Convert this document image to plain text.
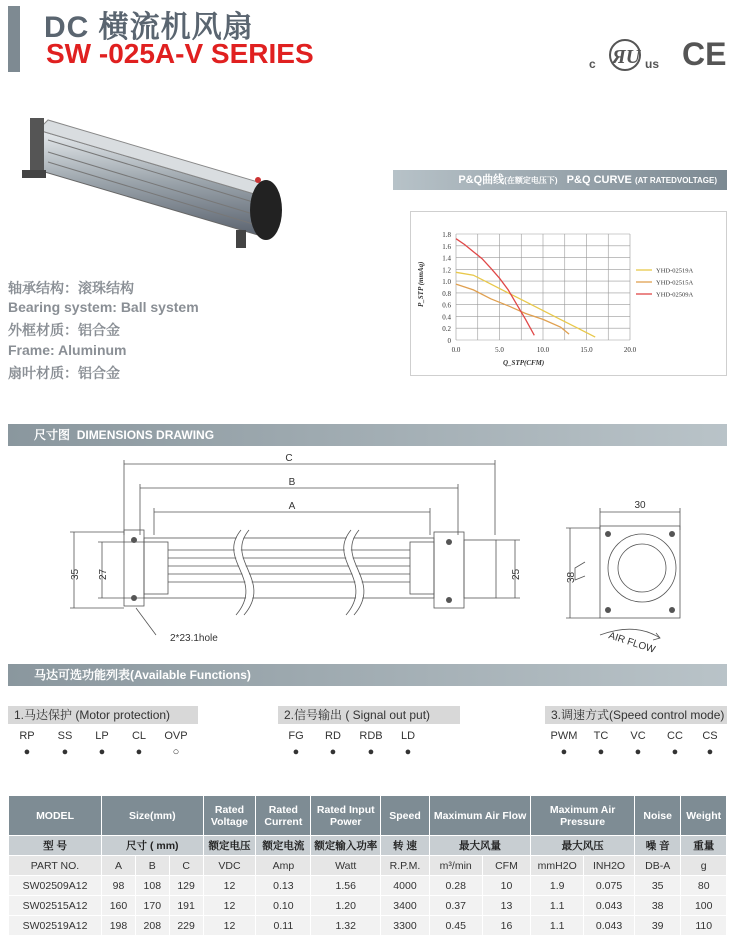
DC 横流机风扇
SW -025A-V SERIES	c ЯU us CE
轴承结构：滚珠结构
Bearing system: Ball system
外框材质：铝合金
Frame: Aluminum
扇叶材质：铝合金
P&Q曲线(在额定电压下) P&Q CURVE (AT RATEDVOLTAGE)
0
0.2
0.4
0.6
0.8
1.0
1.2
1.4
1.6
1.8
0.0	5.0	10.0	15.0	20.0
Q_STP(CFM)
P_STP (mmAq)	YHD-02519A
YHD-02515A
YHD-02509A
尺寸图 DIMENSIONS DRAWING
C
B
A
35 27	25
30
38
2*23.1hole	AIR FLOW
马达可选功能列表(Available Functions)
1.马达保护 (Motor protection)
RP
●
SS
●
LP
●
CL
●
OVP
○
2.信号输出 ( Signal out put)
FG
●
RD
●
RDB
●
LD
●
3.调速方式(Speed control mode)
PWM
●
TC
●
VC
●
CC
●
CS
●
MODEL	Size(mm)			Rated Voltage	Rated Current	Rated Input Power	Speed	Maximum Air Flow		Maximum Air Pressure		Noise	Weight
型 号	尺寸 ( mm)			额定电压	额定电流	额定输入功率	转 速	最大风量		最大风压		噪 音	重量
PART NO.	A	B	C	VDC	Amp	Watt	R.P.M.	m³/min	CFM	mmH2O	INH2O	DB-A	g
SW02509A12	98	108	129	12	0.13	1.56	4000	0.28	10	1.9	0.075	35	80
SW02515A12	160	170	191	12	0.10	1.20	3400	0.37	13	1.1	0.043	38	100
SW02519A12	198	208	229	12	0.11	1.32	3300	0.45	16	1.1	0.043	39	110
